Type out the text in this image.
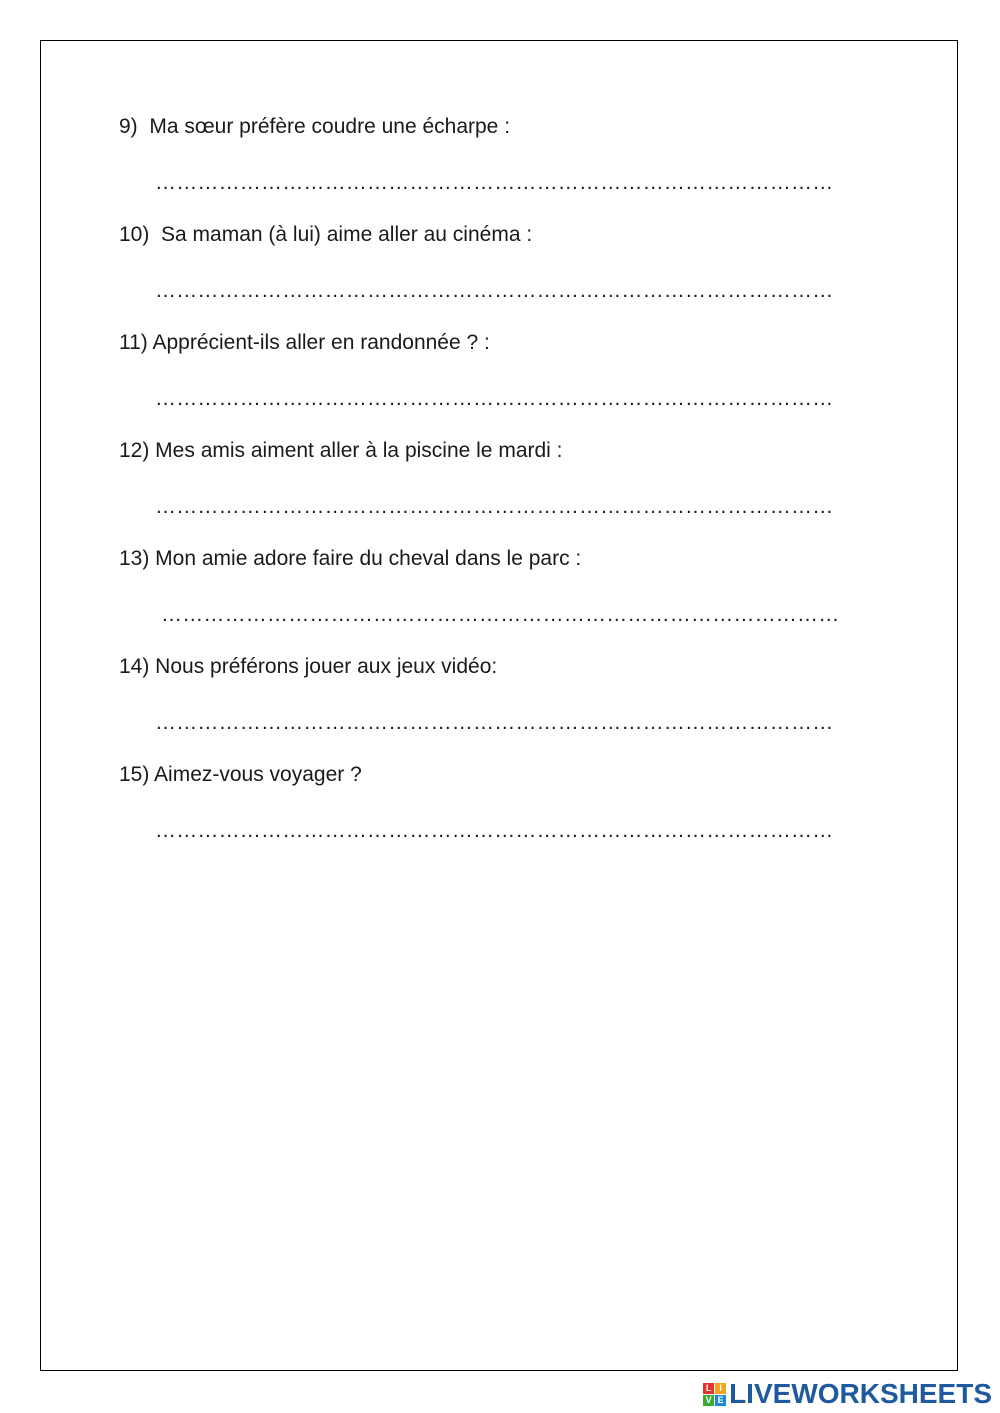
9)  Ma sœur préfère coudre une écharpe :
……………………………………………………………………………………
10)  Sa maman (à lui) aime aller au cinéma :
……………………………………………………………………………………
11) Apprécient-ils aller en randonnée ? :
……………………………………………………………………………………
12) Mes amis aiment aller à la piscine le mardi :
……………………………………………………………………………………
13) Mon amie adore faire du cheval dans le parc :
……………………………………………………………………………………
14) Nous préférons jouer aux jeux vidéo:
……………………………………………………………………………………
15) Aimez-vous voyager ?
……………………………………………………………………………………
L I
V E LIVEWORKSHEETS
